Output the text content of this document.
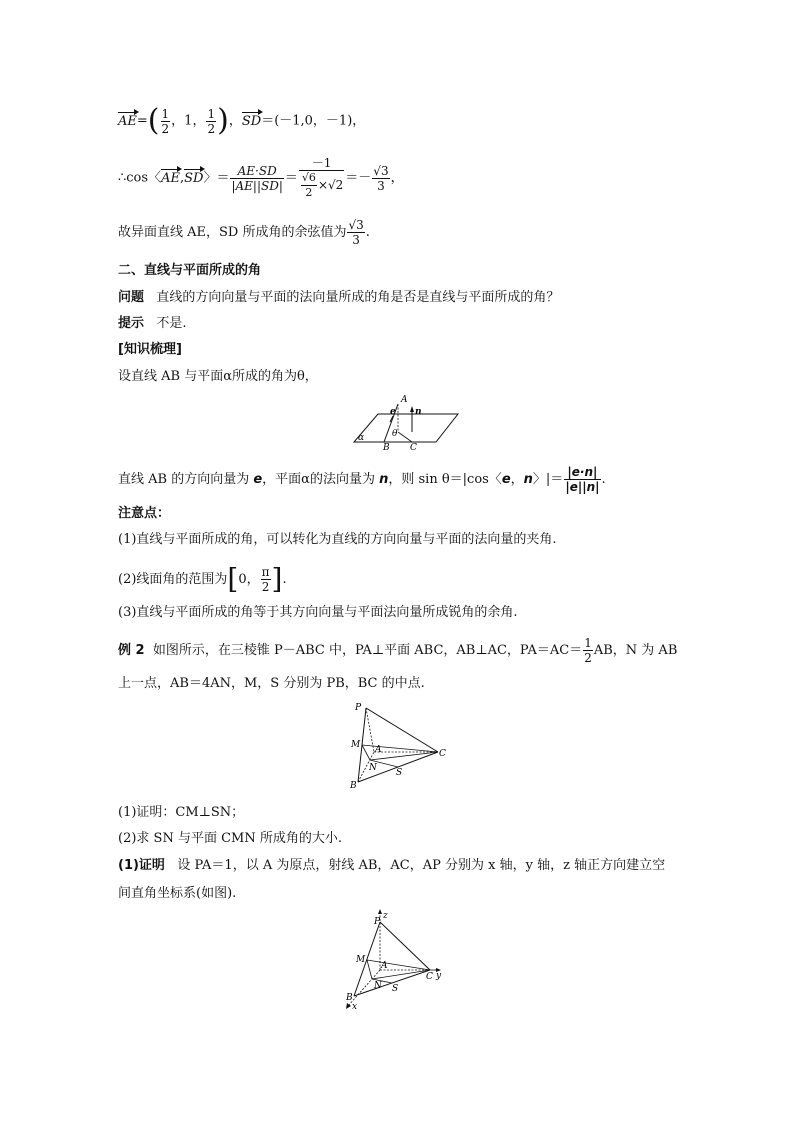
$AE=( \frac{1}{2}$ ，1， $\frac{1}{2}$ )，SD＝(－1,0，－1)，
∴cos〈AE,SD〉＝ $\frac{AE\cdot SD}{|AE||SD|} = \frac{-1}{\frac{√6}{2} \times√2} =- \frac{√3}{3}$ ，
故异面直线 AE，SD 所成角的余弦值为 $\frac{√3}{3}$ .
二、直线与平面所成的角
问题 直线的方向向量与平面的法向量所成的角是否是直线与平面所成的角？
提示 不是.
[知识梳理]
设直线 AB 与平面α所成的角为θ，
A
e n
θ
α
B C
直线 AB 的方向向量为 e，平面α的法向量为 n，则 sin θ＝|cos〈e，n〉|＝ $\frac{|e\cdot n|}{|e||n|}$ .
注意点：
(1)直线与平面所成的角，可以转化为直线的方向向量与平面的法向量的夹角.
(2)线面角的范围为[0， $\frac{\pi}{2}$ ].
(3)直线与平面所成的角等于其方向向量与平面法向量所成锐角的余角.
例 2 如图所示，在三棱锥 P－ABC 中，PA⊥平面 ABC，AB⊥AC，$PA=AC= \frac{1}{2}$ AB，N 为 AB
上一点，AB＝4AN，M，S 分别为 PB，BC 的中点.
P
M A	C
N S
B
(1)证明：CM⊥SN；
(2)求 SN 与平面 CMN 所成角的大小.
(1)证明 设 PA＝1，以 A 为原点，射线 AB，AC，AP 分别为 x 轴，y 轴，z 轴正方向建立空
间直角坐标系(如图).
P
z
M
A
C y
N S
B
x
